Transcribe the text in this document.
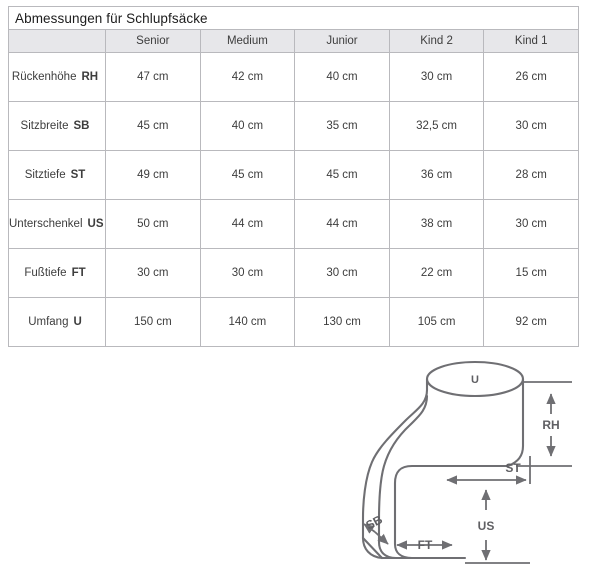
Abmessungen für Schlupfsäcke					
	Senior	Medium	Junior	Kind 2	Kind 1
Rückenhöhe RH	47 cm	42 cm	40 cm	30 cm	26 cm
Sitzbreite SB	45 cm	40 cm	35 cm	32,5 cm	30 cm
Sitztiefe ST	49 cm	45 cm	45 cm	36 cm	28 cm
Unterschenkel US	50 cm	44 cm	44 cm	38 cm	30 cm
Fußtiefe FT	30 cm	30 cm	30 cm	22 cm	15 cm
Umfang U	150 cm	140 cm	130 cm	105 cm	92 cm
U
RH
ST
US
FT
SB
